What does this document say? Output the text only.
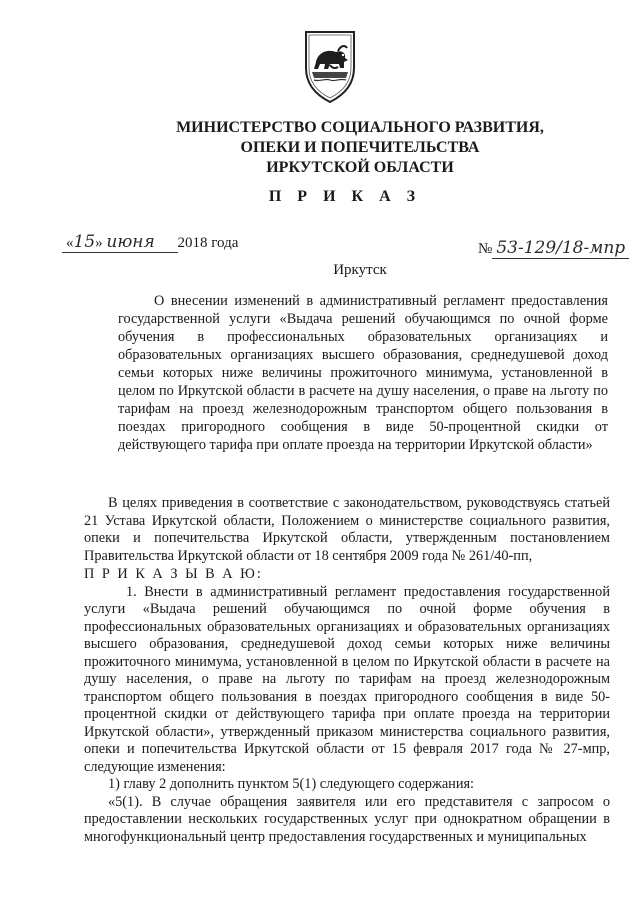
МИНИСТЕРСТВО СОЦИАЛЬНОГО РАЗВИТИЯ,
ОПЕКИ И ПОПЕЧИТЕЛЬСТВА
ИРКУТСКОЙ ОБЛАСТИ
П Р И К А З
«15» июня 2018 года	№ 53-129/18-мпр
Иркутск

О внесении изменений в административный регламент предоставления государственной услуги «Выдача решений обучающимся по очной форме обучения в профессиональных образовательных организациях и образовательных организациях высшего образования, среднедушевой доход семьи которых ниже величины прожиточного минимума, установленной в целом по Иркутской области в расчете на душу населения, о праве на льготу по тарифам на проезд железнодорожным транспортом общего пользования в поездах пригородного сообщения в виде 50-процентной скидки от действующего тарифа при оплате проезда на территории Иркутской области»

В целях приведения в соответствие с законодательством, руководствуясь статьей 21 Устава Иркутской области, Положением о министерстве социального развития, опеки и попечительства Иркутской области, утвержденным постановлением Правительства Иркутской области от 18 сентября 2009 года № 261/40-пп,

П Р И К А З Ы В А Ю:

1. Внести в административный регламент предоставления государственной услуги «Выдача решений обучающимся по очной форме обучения в профессиональных образовательных организациях и образовательных организациях высшего образования, среднедушевой доход семьи которых ниже величины прожиточного минимума, установленной в целом по Иркутской области в расчете на душу населения, о праве на льготу по тарифам на проезд железнодорожным транспортом общего пользования в поездах пригородного сообщения в виде 50-процентной скидки от действующего тарифа при оплате проезда на территории Иркутской области», утвержденный приказом министерства социального развития, опеки и попечительства Иркутской области от 15 февраля 2017 года № 27-мпр, следующие изменения:

1) главу 2 дополнить пунктом 5(1) следующего содержания:

«5(1). В случае обращения заявителя или его представителя с запросом о предоставлении нескольких государственных услуг при однократном обращении в многофункциональный центр предоставления государственных и муниципальных
